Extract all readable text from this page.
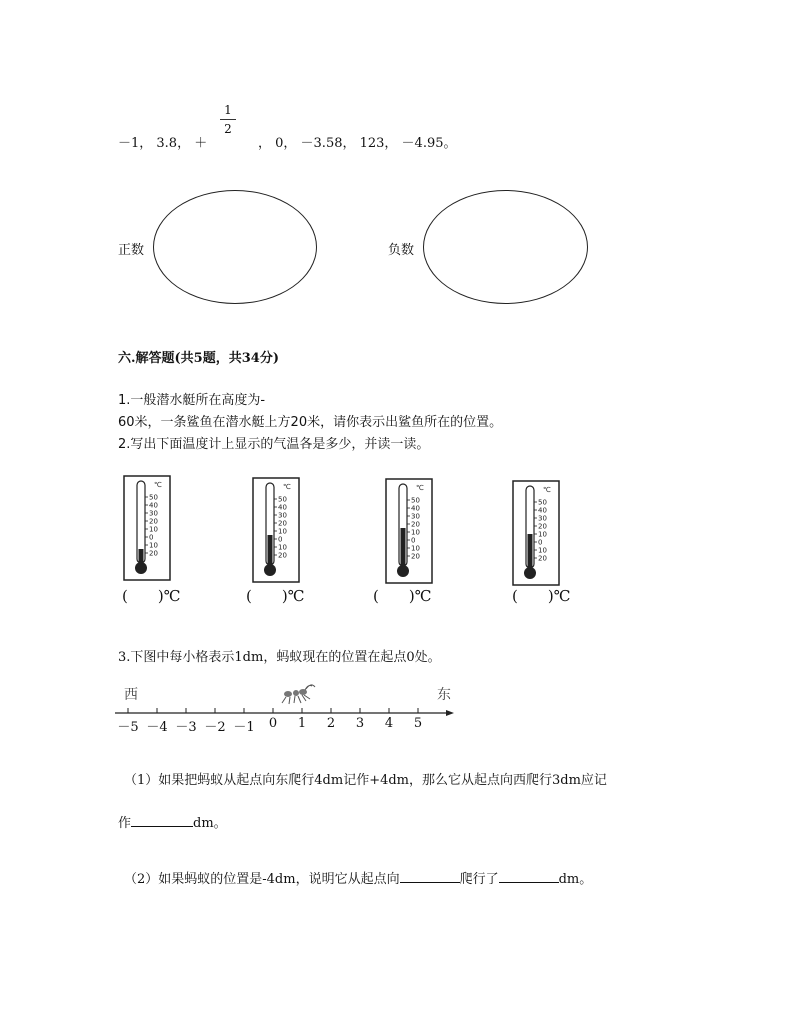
－1， 3.8， ＋
1
2
， 0， －3.58， 123， －4.95。
正数	负数
六.解答题(共5题，共34分)
1.一般潜水艇所在高度为-
60米，一条鲨鱼在潜水艇上方20米，请你表示出鲨鱼所在的位置。
2.写出下面温度计上显示的气温各是多少，并读一读。
℃
50
40
30
20
10
0
10
20
℃
50
40
30
20
10
0
10
20
℃
50
40
30
20
10
0
10
20
℃
50
40
30
20
10
0
10
20
(　　)℃	(　　)℃	(　　)℃	(　　)℃
3.下图中每小格表示1dm，蚂蚁现在的位置在起点0处。
西	东
－5 －4 －3 －2 －1	0	1	2	3	4	5
（1）如果把蚂蚁从起点向东爬行4dm记作+4dm，那么它从起点向西爬行3dm应记
作	dm。
（2）如果蚂蚁的位置是-4dm，说明它从起点向	爬行了	dm。
